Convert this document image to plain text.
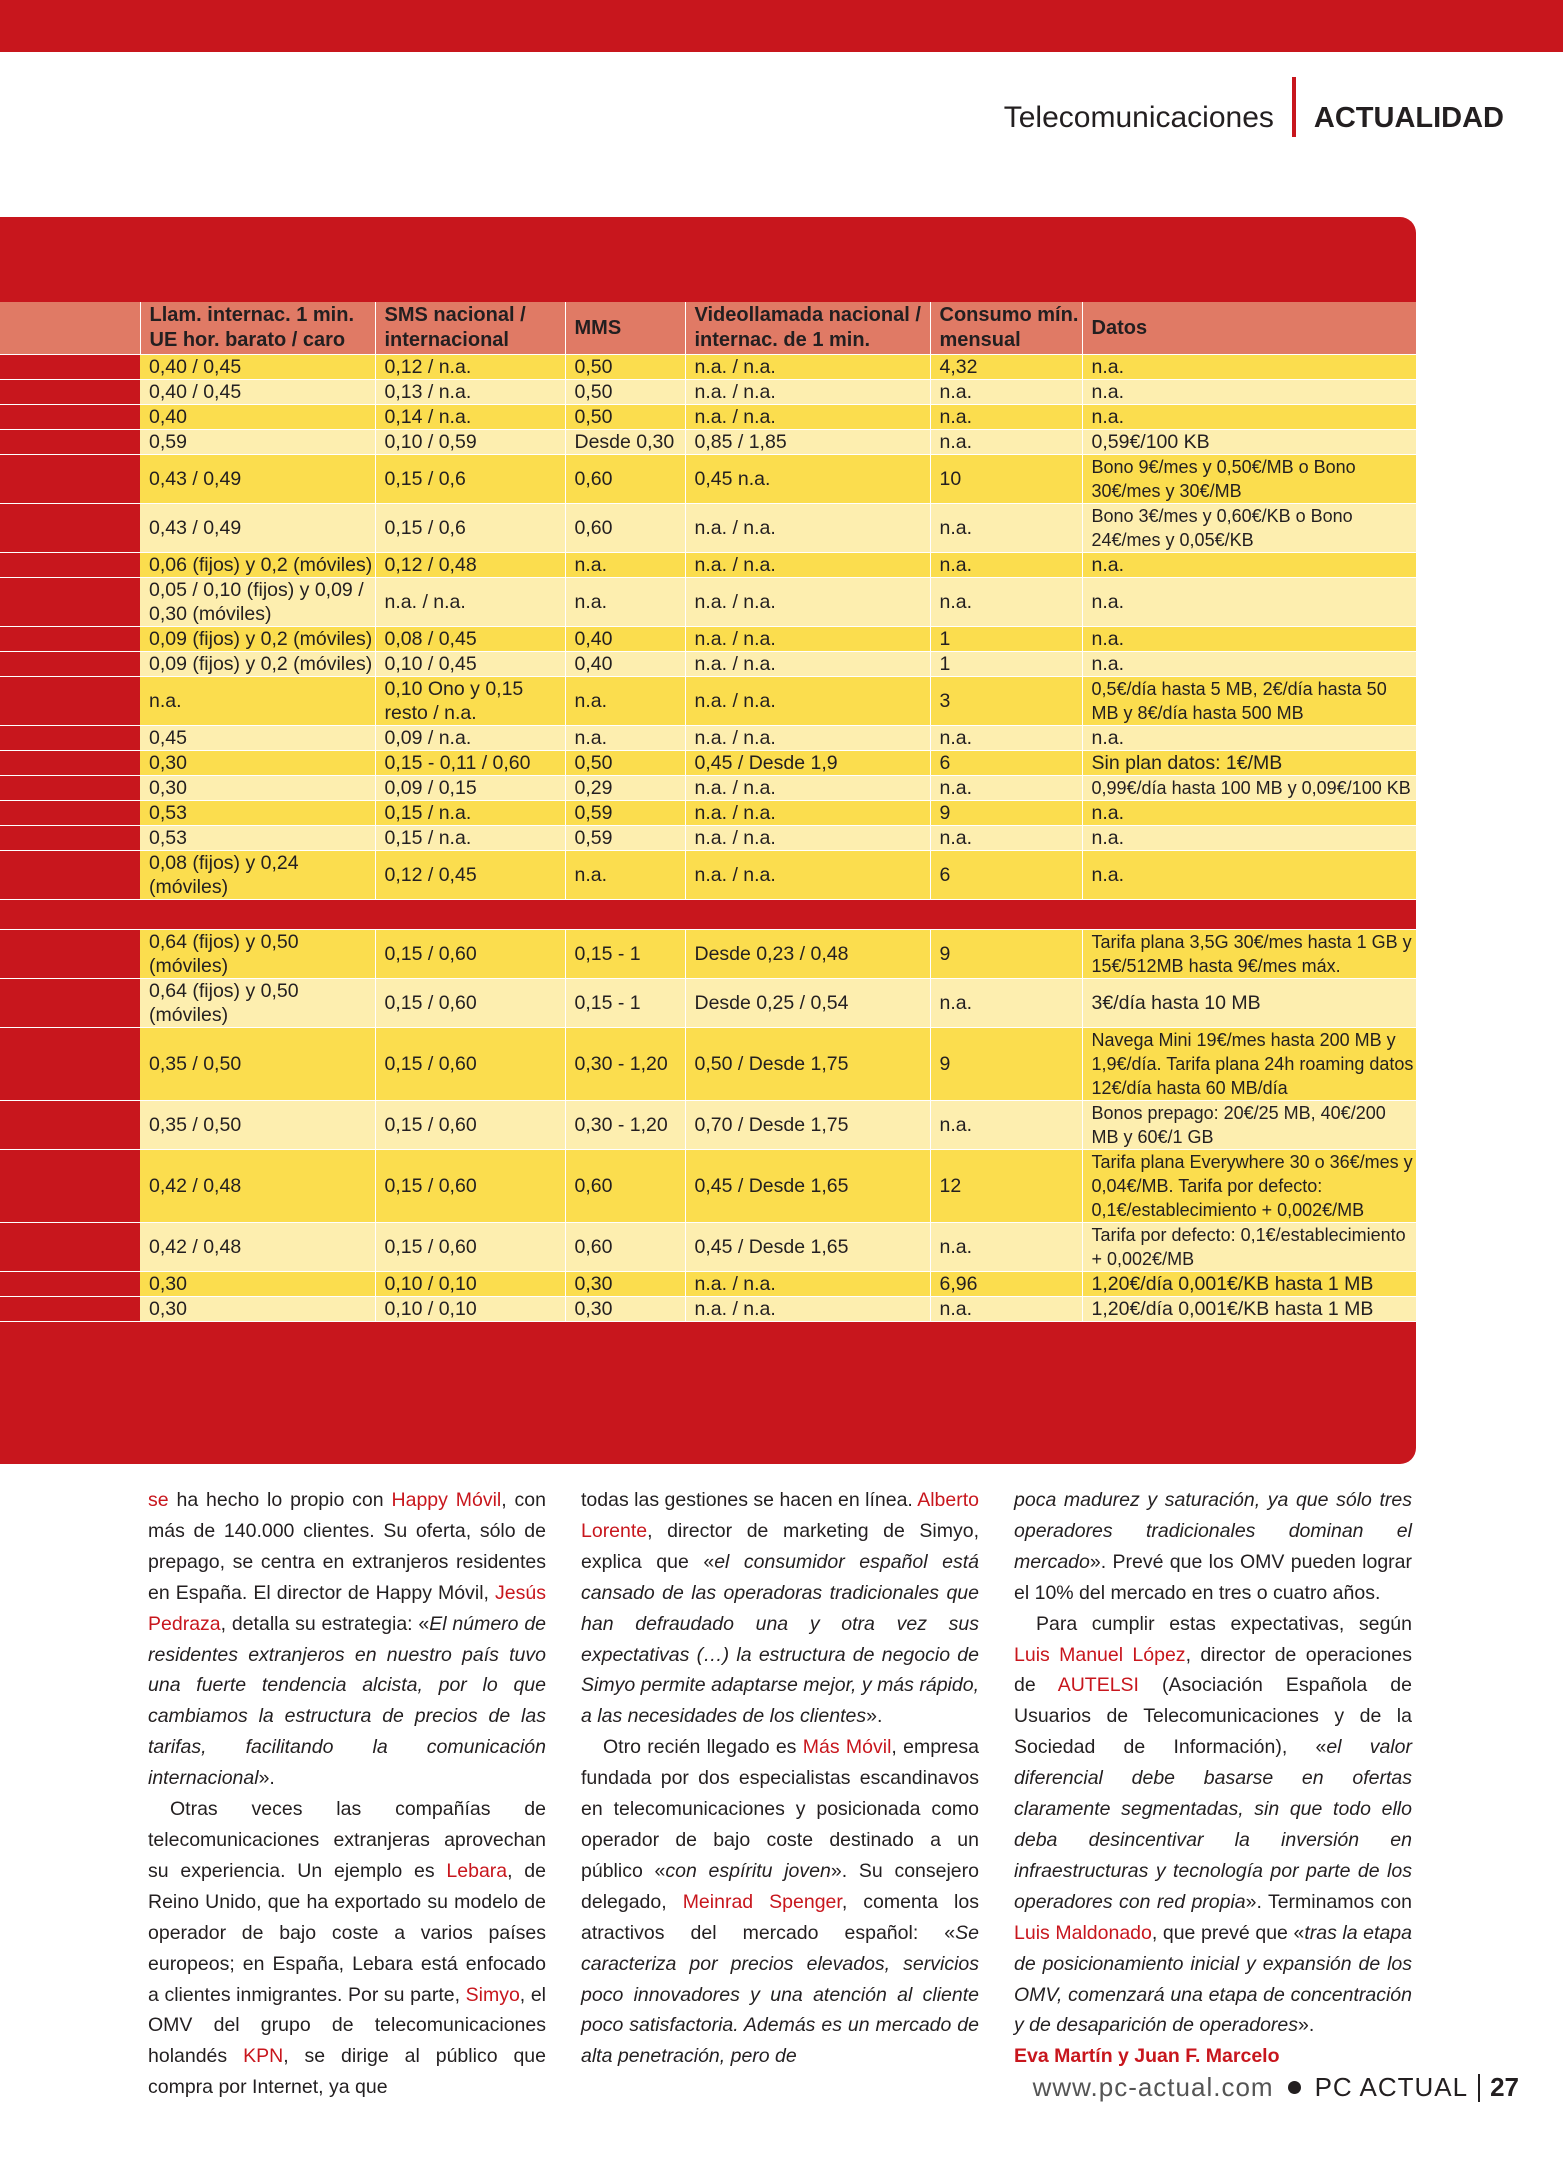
Telecomunicaciones	ACTUALIDAD
	Llam. internac. 1 min. UE hor. barato / caro	SMS nacional / internacional	MMS	Videollamada nacional / internac. de 1 min.	Consumo mín. mensual	Datos
	0,40 / 0,45	0,12 / n.a.	0,50	n.a. / n.a.	4,32	n.a.
	0,40 / 0,45	0,13 / n.a.	0,50	n.a. / n.a.	n.a.	n.a.
	0,40	0,14 / n.a.	0,50	n.a. / n.a.	n.a.	n.a.
	0,59	0,10 / 0,59	Desde 0,30	0,85 / 1,85	n.a.	0,59€/100 KB
	0,43 / 0,49	0,15 / 0,6	0,60	0,45 n.a.	10	Bono 9€/mes y 0,50€/MB o Bono 30€/mes y 30€/MB
	0,43 / 0,49	0,15 / 0,6	0,60	n.a. / n.a.	n.a.	Bono 3€/mes y 0,60€/KB o Bono 24€/mes y 0,05€/KB
	0,06 (fijos) y 0,2 (móviles)	0,12 / 0,48	n.a.	n.a. / n.a.	n.a.	n.a.
	0,05 / 0,10 (fijos) y 0,09 / 0,30 (móviles)	n.a. / n.a.	n.a.	n.a. / n.a.	n.a.	n.a.
	0,09 (fijos) y 0,2 (móviles)	0,08 / 0,45	0,40	n.a. / n.a.	1	n.a.
	0,09 (fijos) y 0,2 (móviles)	0,10 / 0,45	0,40	n.a. / n.a.	1	n.a.
	n.a.	0,10 Ono y 0,15 resto / n.a.	n.a.	n.a. / n.a.	3	0,5€/día hasta 5 MB, 2€/día hasta 50 MB y 8€/día hasta 500 MB
	0,45	0,09 / n.a.	n.a.	n.a. / n.a.	n.a.	n.a.
	0,30	0,15 - 0,11 / 0,60	0,50	0,45 / Desde 1,9	6	Sin plan datos: 1€/MB
	0,30	0,09 / 0,15	0,29	n.a. / n.a.	n.a.	0,99€/día hasta 100 MB y 0,09€/100 KB
	0,53	0,15 / n.a.	0,59	n.a. / n.a.	9	n.a.
	0,53	0,15 / n.a.	0,59	n.a. / n.a.	n.a.	n.a.
	0,08 (fijos) y 0,24 (móviles)	0,12 / 0,45	n.a.	n.a. / n.a.	6	n.a.

	0,64 (fijos) y 0,50 (móviles)	0,15 / 0,60	0,15 - 1	Desde 0,23 / 0,48	9	Tarifa plana 3,5G 30€/mes hasta 1 GB y 15€/512MB hasta 9€/mes máx.
	0,64 (fijos) y 0,50 (móviles)	0,15 / 0,60	0,15 - 1	Desde 0,25 / 0,54	n.a.	3€/día hasta 10 MB
	0,35 / 0,50	0,15 / 0,60	0,30 - 1,20	0,50 / Desde 1,75	9	Navega Mini 19€/mes hasta 200 MB y 1,9€/día. Tarifa plana 24h roaming datos 12€/día hasta 60 MB/día
	0,35 / 0,50	0,15 / 0,60	0,30 - 1,20	0,70 / Desde 1,75	n.a.	Bonos prepago: 20€/25 MB, 40€/200 MB y 60€/1 GB
	0,42 / 0,48	0,15 / 0,60	0,60	0,45 / Desde 1,65	12	Tarifa plana Everywhere 30 o 36€/mes y 0,04€/MB. Tarifa por defecto: 0,1€/establecimiento + 0,002€/MB
	0,42 / 0,48	0,15 / 0,60	0,60	0,45 / Desde 1,65	n.a.	Tarifa por defecto: 0,1€/establecimiento + 0,002€/MB
	0,30	0,10 / 0,10	0,30	n.a. / n.a.	6,96	1,20€/día 0,001€/KB hasta 1 MB
	0,30	0,10 / 0,10	0,30	n.a. / n.a.	n.a.	1,20€/día 0,001€/KB hasta 1 MB

se ha hecho lo propio con Happy Móvil, con más de 140.000 clientes. Su oferta, sólo de prepago, se centra en extranjeros residentes en España. El director de Happy Móvil, Jesús Pedraza, detalla su estrategia: «El número de residentes extranjeros en nuestro país tuvo una fuerte tendencia alcista, por lo que cambiamos la estructura de precios de las tarifas, facilitando la comunicación internacional».

Otras veces las compañías de telecomunicaciones extranjeras aprovechan su experiencia. Un ejemplo es Lebara, de Reino Unido, que ha exportado su modelo de operador de bajo coste a varios países europeos; en España, Lebara está enfocado a clientes inmigrantes. Por su parte, Simyo, el OMV del grupo de telecomunicaciones holandés KPN, se dirige al público que compra por Internet, ya que

todas las gestiones se hacen en línea. Alberto Lorente, director de marketing de Simyo, explica que «el consumidor español está cansado de las operadoras tradicionales que han defraudado una y otra vez sus expectativas (…) la estructura de negocio de Simyo permite adaptarse mejor, y más rápido, a las necesidades de los clientes».

Otro recién llegado es Más Móvil, empresa fundada por dos especialistas escandinavos en telecomunicaciones y posicionada como operador de bajo coste destinado a un público «con espíritu joven». Su consejero delegado, Meinrad Spenger, comenta los atractivos del mercado español: «Se caracteriza por precios elevados, servicios poco innovadores y una atención al cliente poco satisfactoria. Además es un mercado de alta penetración, pero de

poca madurez y saturación, ya que sólo tres operadores tradicionales dominan el mercado». Prevé que los OMV pueden lograr el 10% del mercado en tres o cuatro años.

Para cumplir estas expectativas, según Luis Manuel López, director de operaciones de AUTELSI (Asociación Española de Usuarios de Telecomunicaciones y de la Sociedad de Información), «el valor diferencial debe basarse en ofertas claramente segmentadas, sin que todo ello deba desincentivar la inversión en infraestructuras y tecnología por parte de los operadores con red propia». Terminamos con Luis Maldonado, que prevé que «tras la etapa de posicionamiento inicial y expansión de los OMV, comenzará una etapa de concentración y de desaparición de operadores».

Eva Martín y Juan F. Marcelo

www.pc-actual.com PC ACTUAL 27
